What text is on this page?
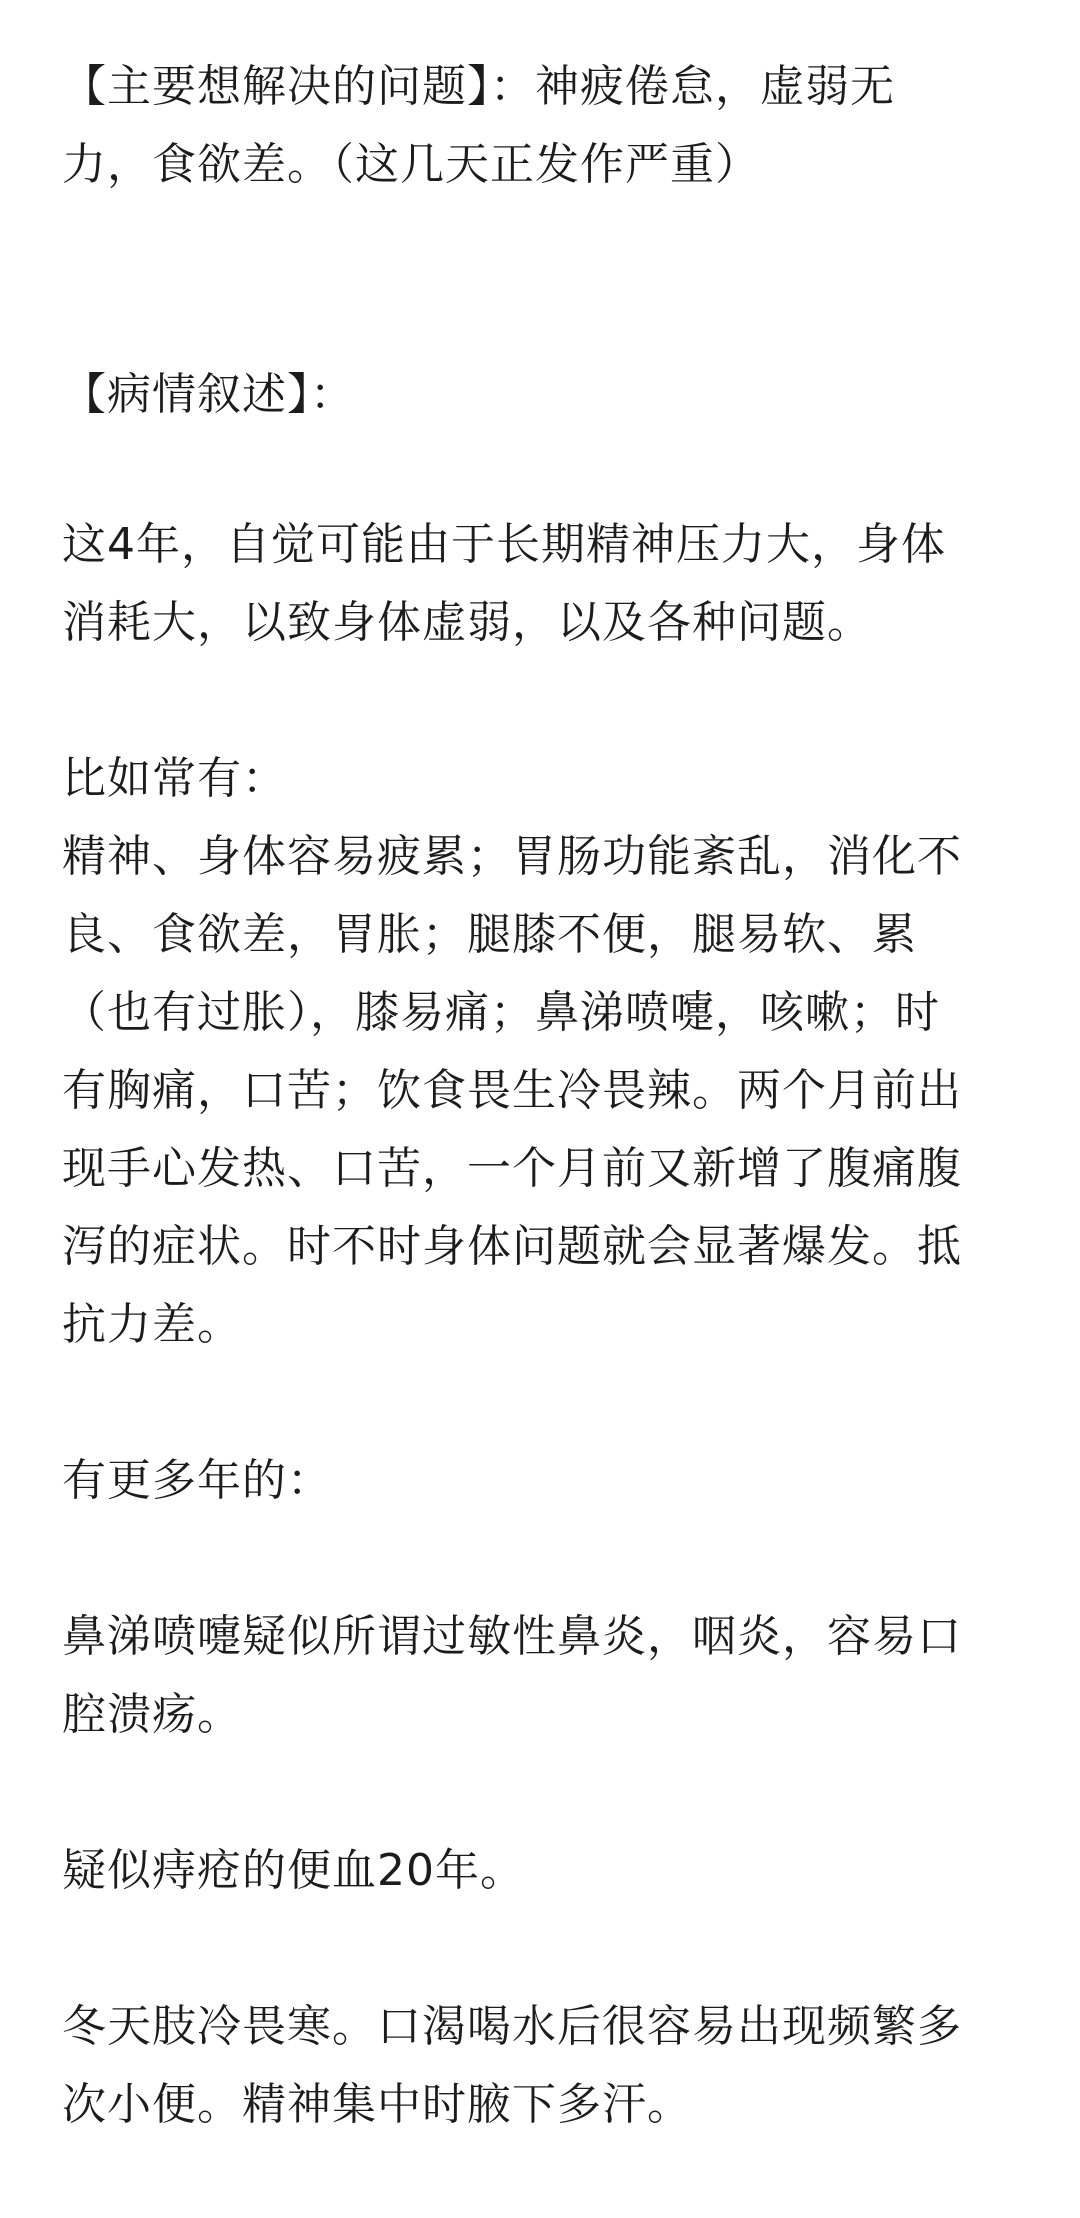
【主要想解决的问题】：神疲倦怠，虚弱无
力，食欲差。（这几天正发作严重）

【病情叙述】：

这4年，自觉可能由于长期精神压力大，身体
消耗大，以致身体虚弱，以及各种问题。

比如常有：
精神、身体容易疲累；胃肠功能紊乱，消化不
良、食欲差，胃胀；腿膝不便，腿易软、累
（也有过胀），膝易痛；鼻涕喷嚏，咳嗽；时
有胸痛，口苦；饮食畏生冷畏辣。两个月前出
现手心发热、口苦，一个月前又新增了腹痛腹
泻的症状。时不时身体问题就会显著爆发。抵
抗力差。

有更多年的：

鼻涕喷嚏疑似所谓过敏性鼻炎，咽炎，容易口
腔溃疡。

疑似痔疮的便血20年。

冬天肢冷畏寒。口渴喝水后很容易出现频繁多
次小便。精神集中时腋下多汗。
